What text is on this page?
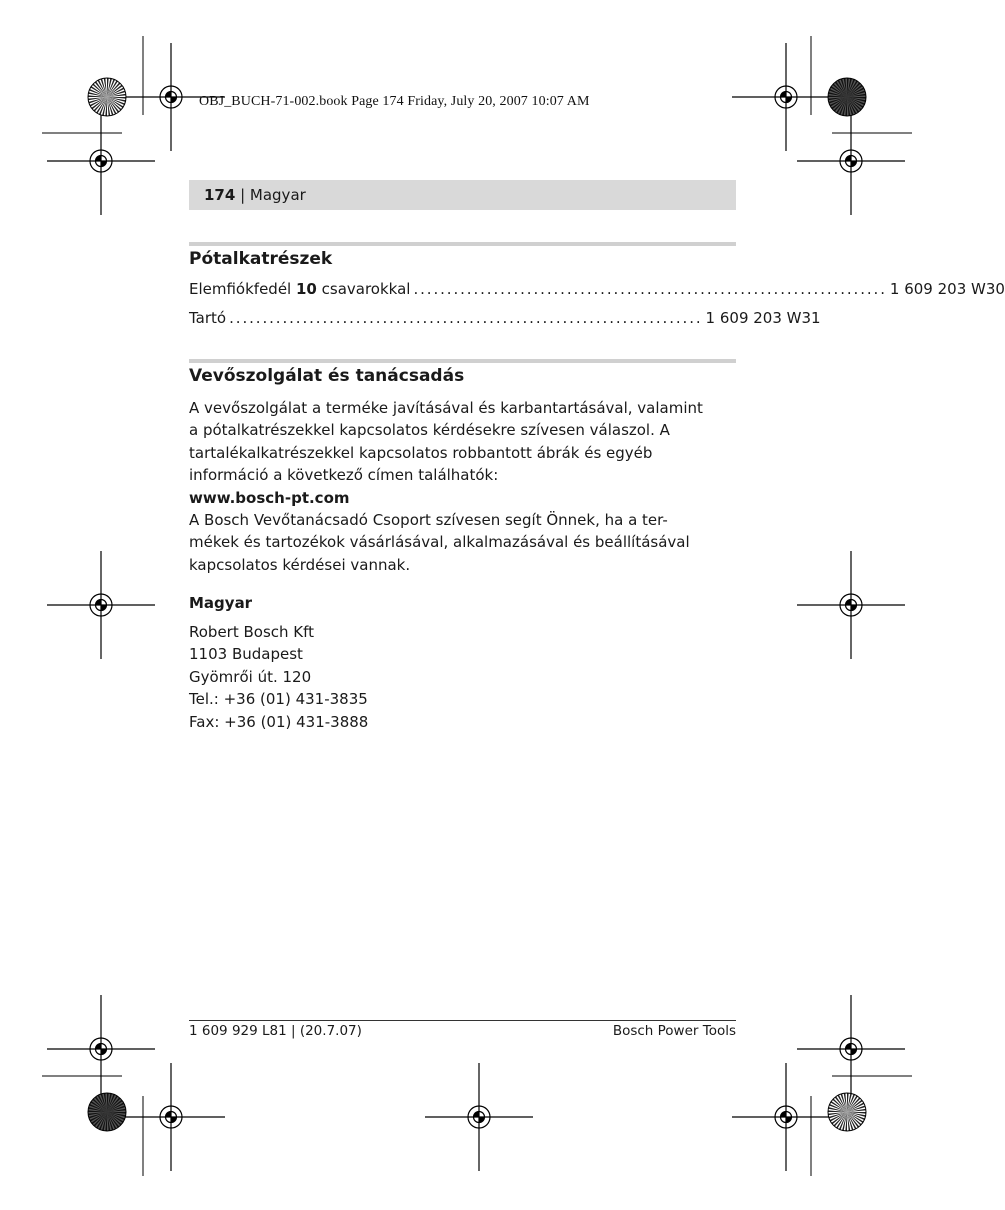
OBJ_BUCH-71-002.book Page 174 Friday, July 20, 2007 10:07 AM
174 | Magyar
Pótalkatrészek
Elemfiókfedél 10 csavarokkal ....................................................................... 1 609 203 W30
Tartó ....................................................................... 1 609 203 W31
Vevőszolgálat és tanácsadás

A vevőszolgálat a terméke javításával és karbantartásával, valamint

a pótalkatrészekkel kapcsolatos kérdésekre szívesen válaszol. A

tartalékalkatrészekkel kapcsolatos robbantott ábrák és egyéb

információ a következő címen találhatók:

www.bosch-pt.com

A Bosch Vevőtanácsadó Csoport szívesen segít Önnek, ha a ter-

mékek és tartozékok vásárlásával, alkalmazásával és beállításával

kapcsolatos kérdései vannak.

Magyar

Robert Bosch Kft

1103 Budapest

Gyömrői út. 120

Tel.: +36 (01) 431-3835

Fax: +36 (01) 431-3888

1 609 929 L81 | (20.7.07)	Bosch Power Tools
